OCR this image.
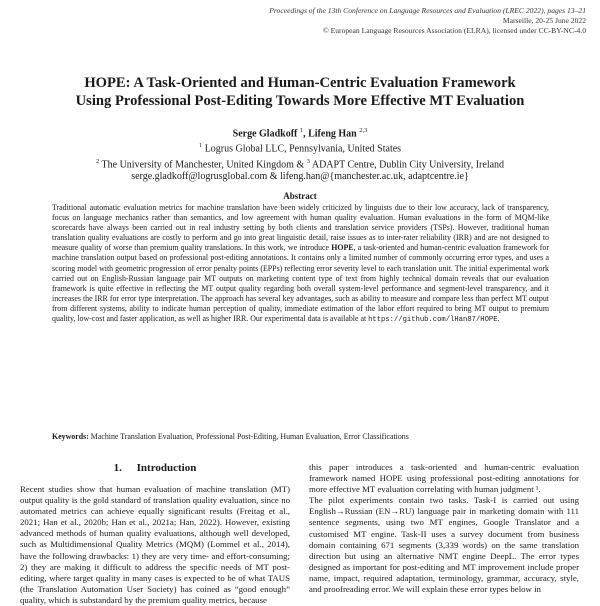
Proceedings of the 13th Conference on Language Resources and Evaluation (LREC 2022), pages 13–21
Marseille, 20-25 June 2022
© European Language Resources Association (ELRA), licensed under CC-BY-NC-4.0
HOPE: A Task-Oriented and Human-Centric Evaluation Framework
Using Professional Post-Editing Towards More Effective MT Evaluation
Serge Gladkoff $^1$, Lifeng Han $^{2,3}$
$^1$ Logrus Global LLC, Pennsylvania, United States
$^2$ The University of Manchester, United Kingdom & $^3$ ADAPT Centre, Dublin City University, Ireland
serge.gladkoff@logrusglobal.com & lifeng.han@{manchester.ac.uk, adaptcentre.ie}
Abstract
Traditional automatic evaluation metrics for machine translation have been widely criticized by linguists due to their low accuracy, lack of transparency, focus on language mechanics rather than semantics, and low agreement with human quality evaluation. Human evaluations in the form of MQM-like scorecards have always been carried out in real industry setting by both clients and translation service providers (TSPs). However, traditional human translation quality evaluations are costly to perform and go into great linguistic detail, raise issues as to inter-rater reliability (IRR) and are not designed to measure quality of worse than premium quality translations. In this work, we introduce HOPE, a task-oriented and human-centric evaluation framework for machine translation output based on professional post-editing annotations. It contains only a limited number of commonly occurring error types, and uses a scoring model with geometric progression of error penalty points (EPPs) reflecting error severity level to each translation unit. The initial experimental work carried out on English-Russian language pair MT outputs on marketing content type of text from highly technical domain reveals that our evaluation framework is quite effective in reflecting the MT output quality regarding both overall system-level performance and segment-level transparency, and it increases the IRR for error type interpretation. The approach has several key advantages, such as ability to measure and compare less than perfect MT output from different systems, ability to indicate human perception of quality, immediate estimation of the labor effort required to bring MT output to premium quality, low-cost and faster application, as well as higher IRR. Our experimental data is available at https://github.com/lHan87/HOPE.
Keywords: Machine Translation Evaluation, Professional Post-Editing, Human Evaluation, Error Classifications
1. Introduction

Recent studies show that human evaluation of machine translation (MT) output quality is the gold standard of translation quality evaluation, since no automated metrics can achieve equally significant results (Freitag et al., 2021; Han et al., 2020b; Han et al., 2021a; Han, 2022). However, existing advanced methods of human quality evaluations, although well developed, such as Multidimensional Quality Metrics (MQM) (Lommel et al., 2014), have the following drawbacks: 1) they are very time- and effort-consuming; 2) they are making it difficult to address the specific needs of MT post-editing, where target quality in many cases is expected to be of what TAUS (the Translation Automation User Society) has coined as “good enough” quality, which is substandard by the premium quality metrics, because

this paper introduces a task-oriented and human-centric evaluation framework named HOPE using professional post-editing annotations for more effective MT evaluation correlating with human judgment ¹.

The pilot experiments contain two tasks. Task-I is carried out using English→Russian (EN→RU) language pair in marketing domain with 111 sentence segments, using two MT engines, Google Translator and a customised MT engine. Task-II uses a survey document from business domain containing 671 segments (3,339 words) on the same translation direction but using an alternative NMT engine DeepL. The error types designed as important for post-editing and MT improvement include proper name, impact, required adaptation, terminology, grammar, accuracy, style, and proofreading error. We will explain these error types below in
